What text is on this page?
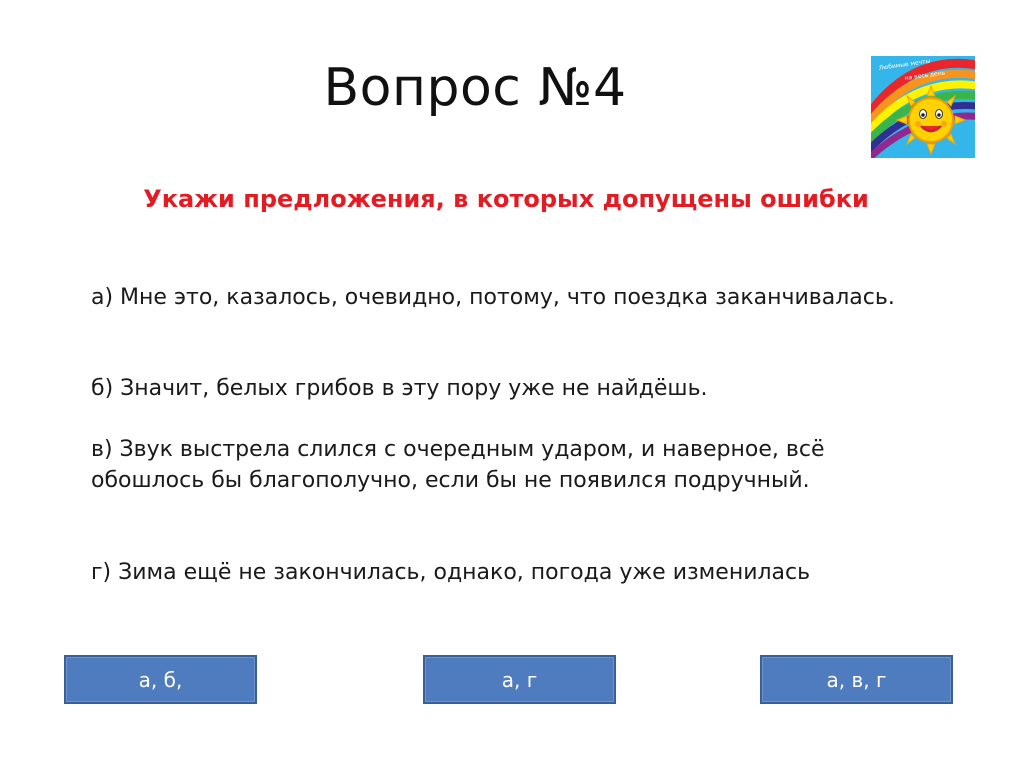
Вопрос №4	Любимые мечты
на весь день
Укажи предложения, в которых допущены ошибки
а) Мне это, казалось, очевидно, потому, что поездка заканчивалась.
б) Значит, белых грибов в эту пору уже не найдёшь.
в) Звук выстрела слился с очередным ударом, и наверное, всё обошлось бы благополучно, если бы не появился подручный.
г) Зима ещё не закончилась, однако, погода уже изменилась
а, б,	а, г	а, в, г
